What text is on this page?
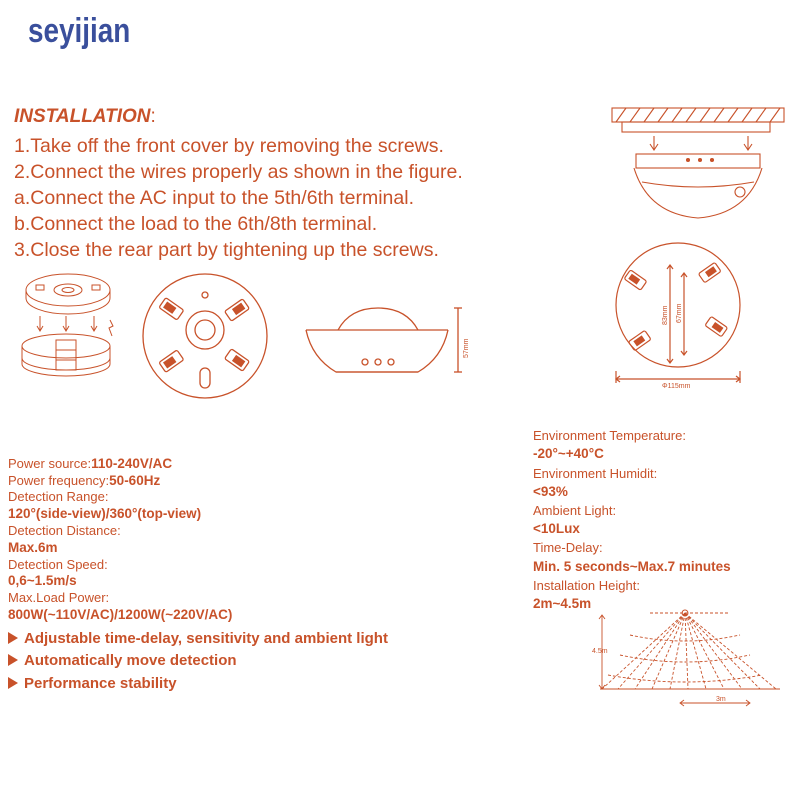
seyijian
INSTALLATION:
1.Take off the front cover by removing the screws.
2.Connect the wires properly as shown in the figure.
a.Connect the AC input to the 5th/6th terminal.
b.Connect the load to the 6th/8th terminal.
3.Close the rear part by tightening up the screws.
57mm
83mm 67mm
Φ115mm
Power source:110-240V/AC
Power frequency:50-60Hz
Detection Range:
120°(side-view)/360°(top-view)
Detection Distance:
Max.6m
Detection Speed:
0,6~1.5m/s
Max.Load Power:
800W(~110V/AC)/1200W(~220V/AC)
Adjustable time-delay, sensitivity and ambient light
Automatically move detection
Performance stability
Environment Temperature:
-20°~+40°C
Environment Humidit:
<93%
Ambient Light:
<10Lux
Time-Delay:
Min. 5 seconds~Max.7 minutes
Installation Height:
2m~4.5m
4.5m
3m
